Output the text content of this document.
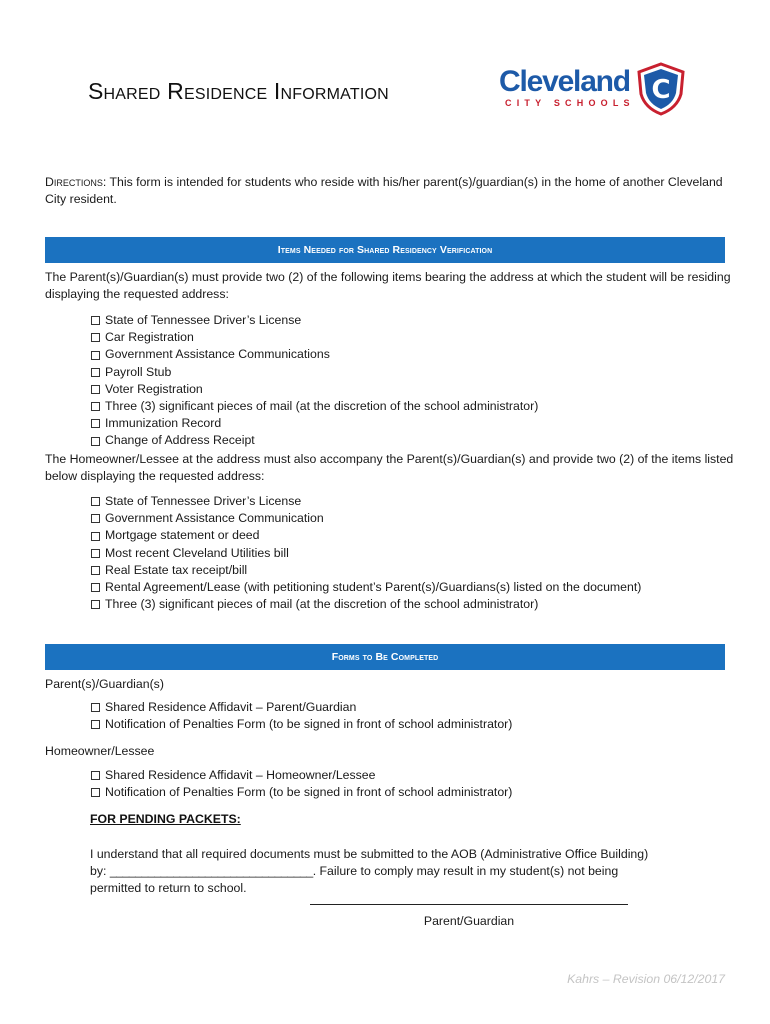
Shared Residence Information	Cleveland
CITY SCHOOLS C
Directions: This form is intended for students who reside with his/her parent(s)/guardian(s) in the home of another Cleveland City resident.
Items Needed for Shared Residency Verification
The Parent(s)/Guardian(s) must provide two (2) of the following items bearing the address at which the student will be residing displaying the requested address:
State of Tennessee Driver’s License
Car Registration
Government Assistance Communications
Payroll Stub
Voter Registration
Three (3) significant pieces of mail (at the discretion of the school administrator)
Immunization Record
Change of Address Receipt
The Homeowner/Lessee at the address must also accompany the Parent(s)/Guardian(s) and provide two (2) of the items listed below displaying the requested address:
State of Tennessee Driver’s License
Government Assistance Communication
Mortgage statement or deed
Most recent Cleveland Utilities bill
Real Estate tax receipt/bill
Rental Agreement/Lease (with petitioning student’s Parent(s)/Guardians(s) listed on the document)
Three (3) significant pieces of mail (at the discretion of the school administrator)
Forms to Be Completed
Parent(s)/Guardian(s)
Shared Residence Affidavit – Parent/Guardian
Notification of Penalties Form (to be signed in front of school administrator)
Homeowner/Lessee
Shared Residence Affidavit – Homeowner/Lessee
Notification of Penalties Form (to be signed in front of school administrator)
FOR PENDING PACKETS:
I understand that all required documents must be submitted to the AOB (Administrative Office Building)
by: ________________________________. Failure to comply may result in my student(s) not being
permitted to return to school.
Parent/Guardian
Kahrs – Revision 06/12/2017
